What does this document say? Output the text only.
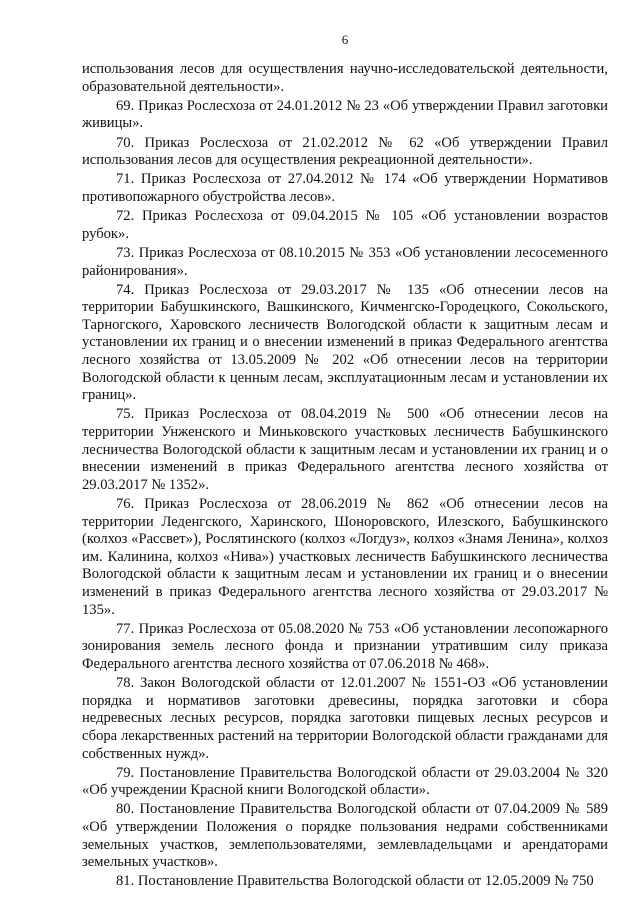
6

использования лесов для осуществления научно-исследовательской деятельности, образовательной деятельности».

69. Приказ Рослесхоза от 24.01.2012 № 23 «Об утверждении Правил заготовки живицы».

70. Приказ Рослесхоза от 21.02.2012 № 62 «Об утверждении Правил использования лесов для осуществления рекреационной деятельности».

71. Приказ Рослесхоза от 27.04.2012 № 174 «Об утверждении Нормативов противопожарного обустройства лесов».

72. Приказ Рослесхоза от 09.04.2015 № 105 «Об установлении возрастов рубок».

73. Приказ Рослесхоза от 08.10.2015 № 353 «Об установлении лесосеменного районирования».

74. Приказ Рослесхоза от 29.03.2017 № 135 «Об отнесении лесов на территории Бабушкинского, Вашкинского, Кичменгско-Городецкого, Сокольского, Тарногского, Харовского лесничеств Вологодской области к защитным лесам и установлении их границ и о внесении изменений в приказ Федерального агентства лесного хозяйства от 13.05.2009 № 202 «Об отнесении лесов на территории Вологодской области к ценным лесам, эксплуатационным лесам и установлении их границ».

75. Приказ Рослесхоза от 08.04.2019 № 500 «Об отнесении лесов на территории Унженского и Миньковского участковых лесничеств Бабушкинского лесничества Вологодской области к защитным лесам и установлении их границ и о внесении изменений в приказ Федерального агентства лесного хозяйства от 29.03.2017 № 1352».

76. Приказ Рослесхоза от 28.06.2019 № 862 «Об отнесении лесов на территории Леденгского, Харинского, Шоноровского, Илезского, Бабушкинского (колхоз «Рассвет»), Рослятинского (колхоз «Логдуз», колхоз «Знамя Ленина», колхоз им. Калинина, колхоз «Нива») участковых лесничеств Бабушкинского лесничества Вологодской области к защитным лесам и установлении их границ и о внесении изменений в приказ Федерального агентства лесного хозяйства от 29.03.2017 № 135».

77. Приказ Рослесхоза от 05.08.2020 № 753 «Об установлении лесопожарного зонирования земель лесного фонда и признании утратившим силу приказа Федерального агентства лесного хозяйства от 07.06.2018 № 468».

78. Закон Вологодской области от 12.01.2007 № 1551-ОЗ «Об установлении порядка и нормативов заготовки древесины, порядка заготовки и сбора недревесных лесных ресурсов, порядка заготовки пищевых лесных ресурсов и сбора лекарственных растений на территории Вологодской области гражданами для собственных нужд».

79. Постановление Правительства Вологодской области от 29.03.2004 № 320 «Об учреждении Красной книги Вологодской области».

80. Постановление Правительства Вологодской области от 07.04.2009 № 589 «Об утверждении Положения о порядке пользования недрами собственниками земельных участков, землепользователями, землевладельцами и арендаторами земельных участков».

81. Постановление Правительства Вологодской области от 12.05.2009 № 750
